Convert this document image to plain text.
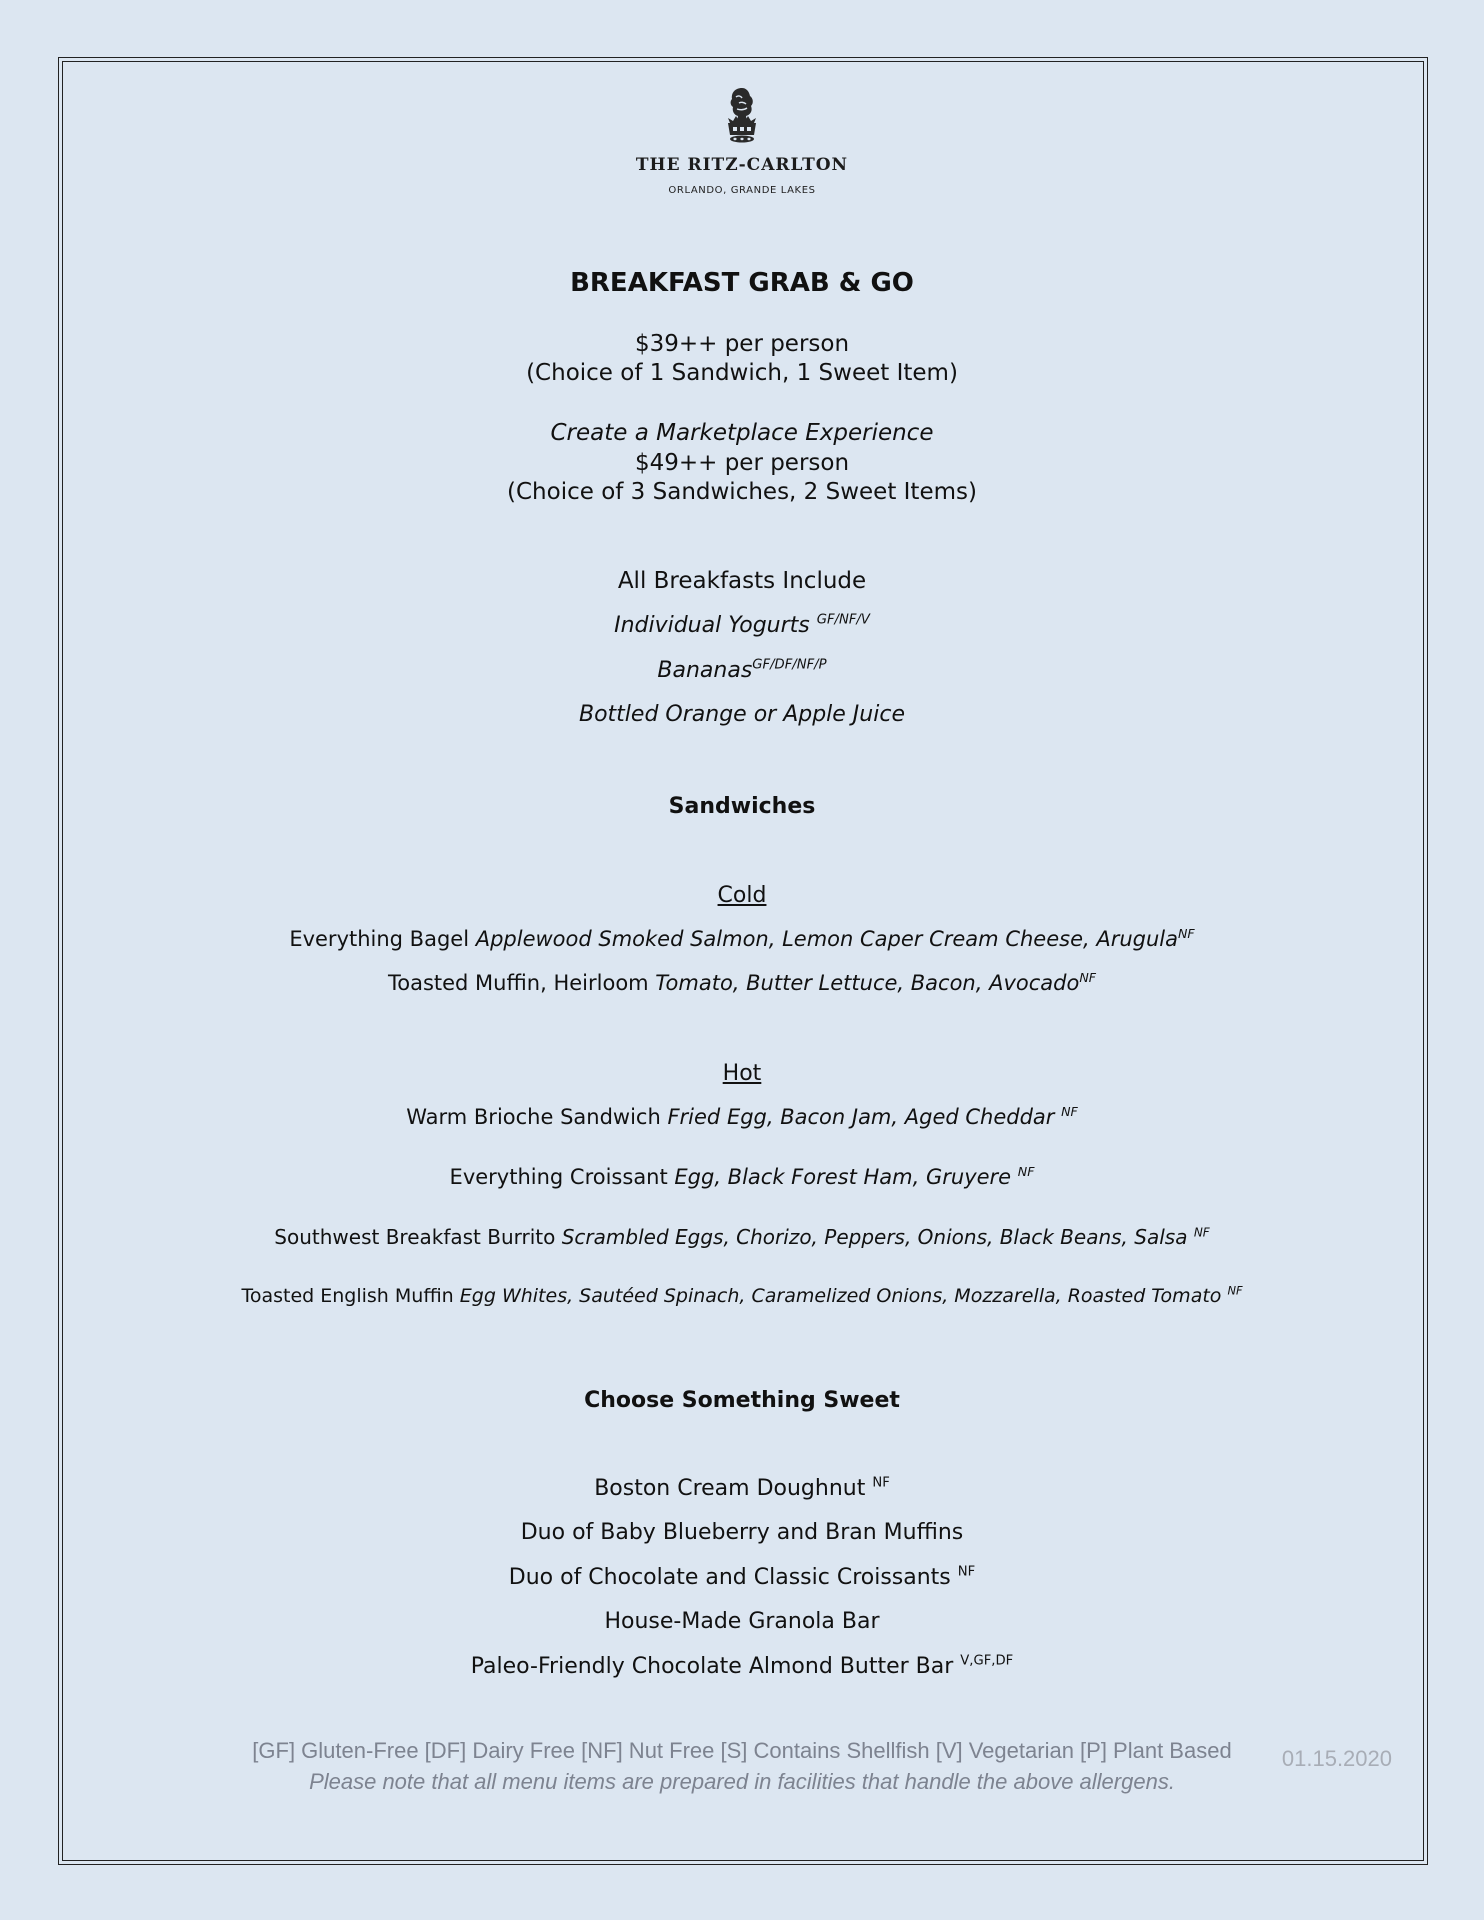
THE RITZ-CARLTON
ORLANDO, GRANDE LAKES
BREAKFAST GRAB & GO
$39++ per person
(Choice of 1 Sandwich, 1 Sweet Item)
Create a Marketplace Experience
$49++ per person
(Choice of 3 Sandwiches, 2 Sweet Items)
All Breakfasts Include
Individual Yogurts $^{GF/NF/V}$
Bananas$^{GF/DF/NF/P}$
Bottled Orange or Apple Juice
Sandwiches
Cold
Everything Bagel Applewood Smoked Salmon, Lemon Caper Cream Cheese, Arugula$^{NF}$
Toasted Muffin, Heirloom Tomato, Butter Lettuce, Bacon, Avocado$^{NF}$
Hot
Warm Brioche Sandwich Fried Egg, Bacon Jam, Aged Cheddar $^{NF}$
Everything Croissant Egg, Black Forest Ham, Gruyere $^{NF}$
Southwest Breakfast Burrito Scrambled Eggs, Chorizo, Peppers, Onions, Black Beans, Salsa $^{NF}$
Toasted English Muffin Egg Whites, Sautéed Spinach, Caramelized Onions, Mozzarella, Roasted Tomato $^{NF}$
Choose Something Sweet
Boston Cream Doughnut $^{NF}$
Duo of Baby Blueberry and Bran Muffins
Duo of Chocolate and Classic Croissants $^{NF}$
House-Made Granola Bar
Paleo-Friendly Chocolate Almond Butter Bar $^{V,GF,DF}$
[GF] Gluten-Free [DF] Dairy Free [NF] Nut Free [S] Contains Shellfish [V] Vegetarian [P] Plant Based
Please note that all menu items are prepared in facilities that handle the above allergens.
01.15.2020
